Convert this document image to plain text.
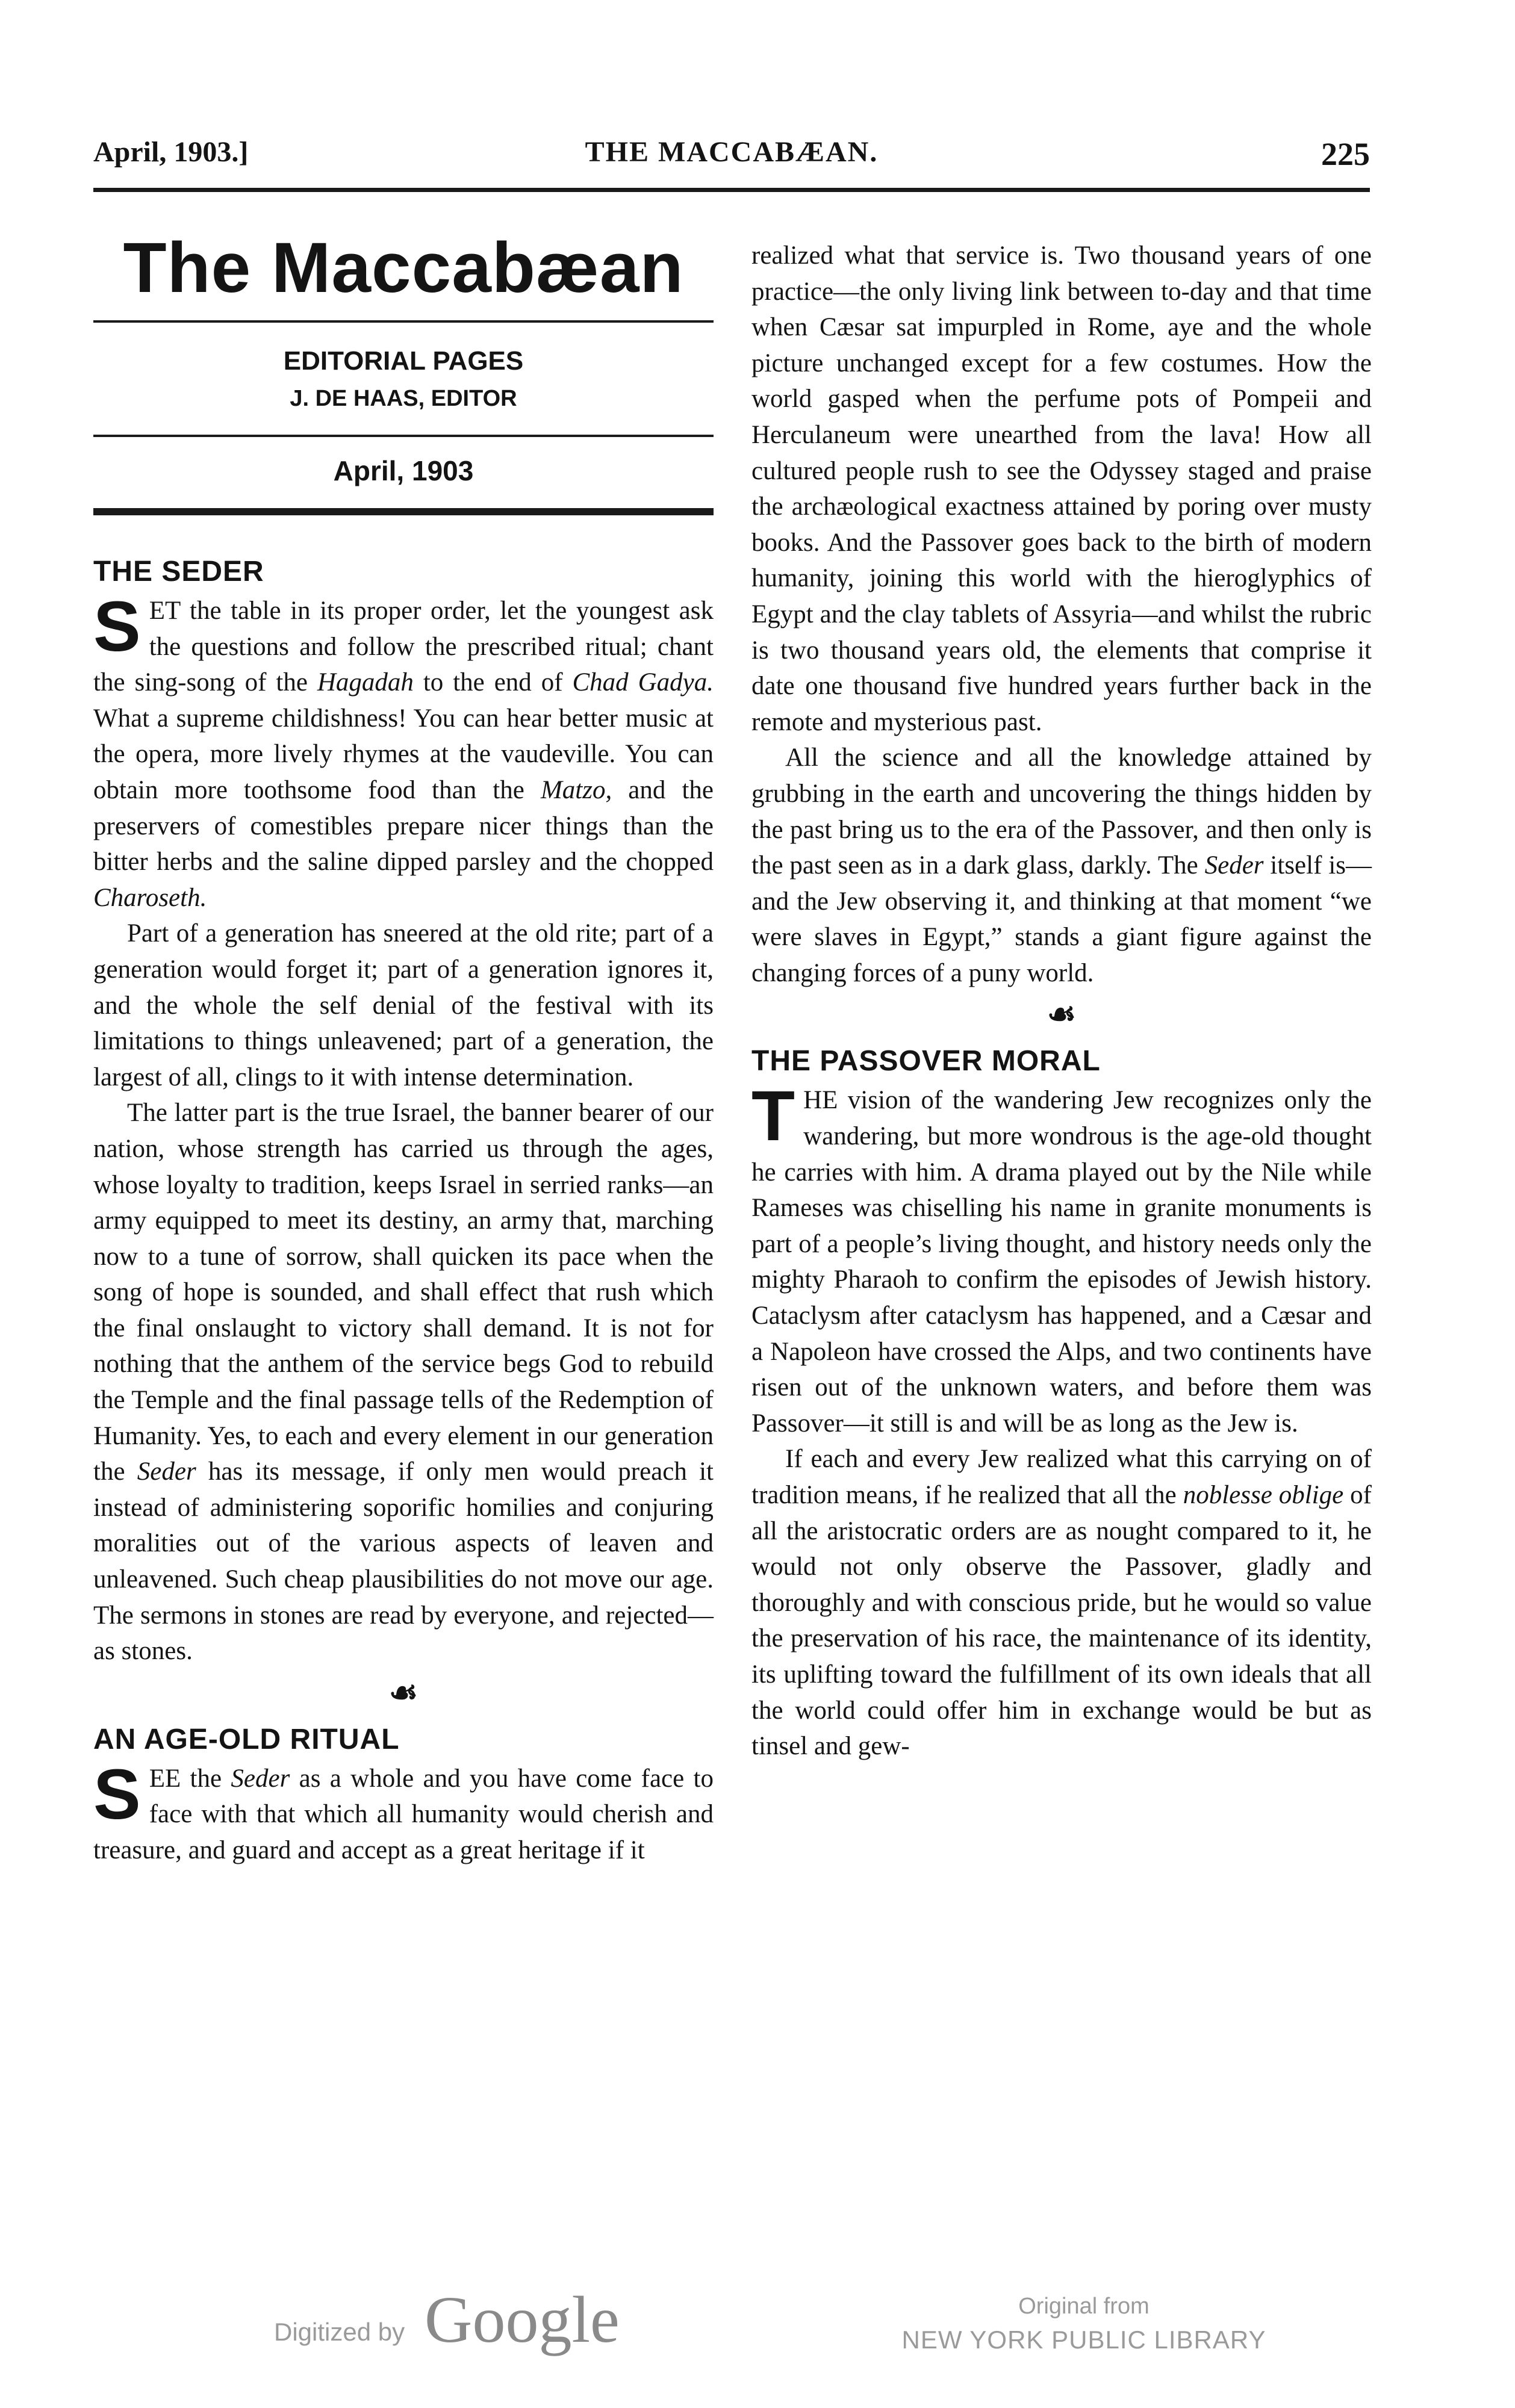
April, 1903.]	THE MACCABÆAN.	225
The Maccabæan
EDITORIAL PAGES
J. DE HAAS, EDITOR
April, 1903
THE SEDER

SET the table in its proper order, let the youngest ask the questions and follow the prescribed ritual; chant the sing-song of the Hagadah to the end of Chad Gadya. What a supreme childishness! You can hear better music at the opera, more lively rhymes at the vaudeville. You can obtain more toothsome food than the Matzo, and the preservers of comestibles prepare nicer things than the bitter herbs and the saline dipped parsley and the chopped Charoseth.

Part of a generation has sneered at the old rite; part of a generation would forget it; part of a generation ignores it, and the whole the self denial of the festival with its limitations to things unleavened; part of a generation, the largest of all, clings to it with intense determination.

The latter part is the true Israel, the banner bearer of our nation, whose strength has carried us through the ages, whose loyalty to tradition, keeps Israel in serried ranks—an army equipped to meet its destiny, an army that, marching now to a tune of sorrow, shall quicken its pace when the song of hope is sounded, and shall effect that rush which the final onslaught to victory shall demand. It is not for nothing that the anthem of the service begs God to rebuild the Temple and the final passage tells of the Redemption of Humanity. Yes, to each and every element in our generation the Seder has its message, if only men would preach it instead of administering soporific homilies and conjuring moralities out of the various aspects of leaven and unleavened. Such cheap plausibilities do not move our age. The sermons in stones are read by everyone, and rejected—as stones.

☙
AN AGE-OLD RITUAL

SEE the Seder as a whole and you have come face to face with that which all humanity would cherish and treasure, and guard and accept as a great heritage if it

realized what that service is. Two thousand years of one practice—the only living link between to-day and that time when Cæsar sat impurpled in Rome, aye and the whole picture unchanged except for a few costumes. How the world gasped when the perfume pots of Pompeii and Herculaneum were unearthed from the lava! How all cultured people rush to see the Odyssey staged and praise the archæological exactness attained by poring over musty books. And the Passover goes back to the birth of modern humanity, joining this world with the hieroglyphics of Egypt and the clay tablets of Assyria—and whilst the rubric is two thousand years old, the elements that comprise it date one thousand five hundred years further back in the remote and mysterious past.

All the science and all the knowledge attained by grubbing in the earth and uncovering the things hidden by the past bring us to the era of the Passover, and then only is the past seen as in a dark glass, darkly. The Seder itself is—and the Jew observing it, and thinking at that moment “we were slaves in Egypt,” stands a giant figure against the changing forces of a puny world.

☙
THE PASSOVER MORAL

THE vision of the wandering Jew recognizes only the wandering, but more wondrous is the age-old thought he carries with him. A drama played out by the Nile while Rameses was chiselling his name in granite monuments is part of a people’s living thought, and history needs only the mighty Pharaoh to confirm the episodes of Jewish history. Cataclysm after cataclysm has happened, and a Cæsar and a Napoleon have crossed the Alps, and two continents have risen out of the unknown waters, and before them was Passover—it still is and will be as long as the Jew is.

If each and every Jew realized what this carrying on of tradition means, if he realized that all the noblesse oblige of all the aristocratic orders are as nought compared to it, he would not only observe the Passover, gladly and thoroughly and with conscious pride, but he would so value the preservation of his race, the maintenance of its identity, its uplifting toward the fulfillment of its own ideals that all the world could offer him in exchange would be but as tinsel and gew-

Digitized by Google	Original from
NEW YORK PUBLIC LIBRARY
